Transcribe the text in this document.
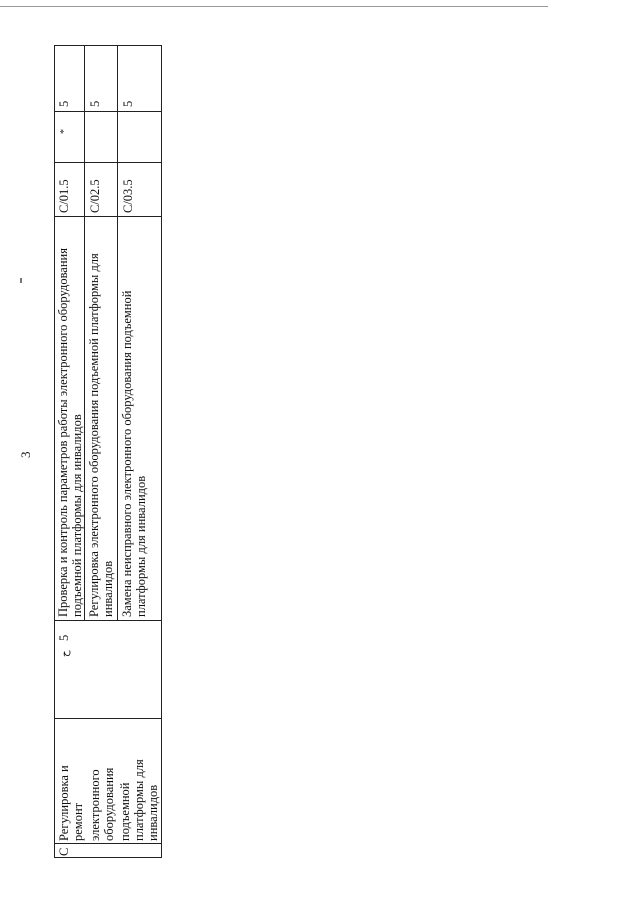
3
C
Регулировка и ремонт электронного оборудования подъемной платформы для инвалидов
ح
5
Проверка и контроль параметров работы электронного оборудования подъемной платформы для инвалидов
С/01.5
*
5
Регулировка электронного оборудования подъемной платформы для инвалидов
С/02.5
5
Замена неисправного электронного оборудования подъемной платформы для инвалидов
С/03.5
5
